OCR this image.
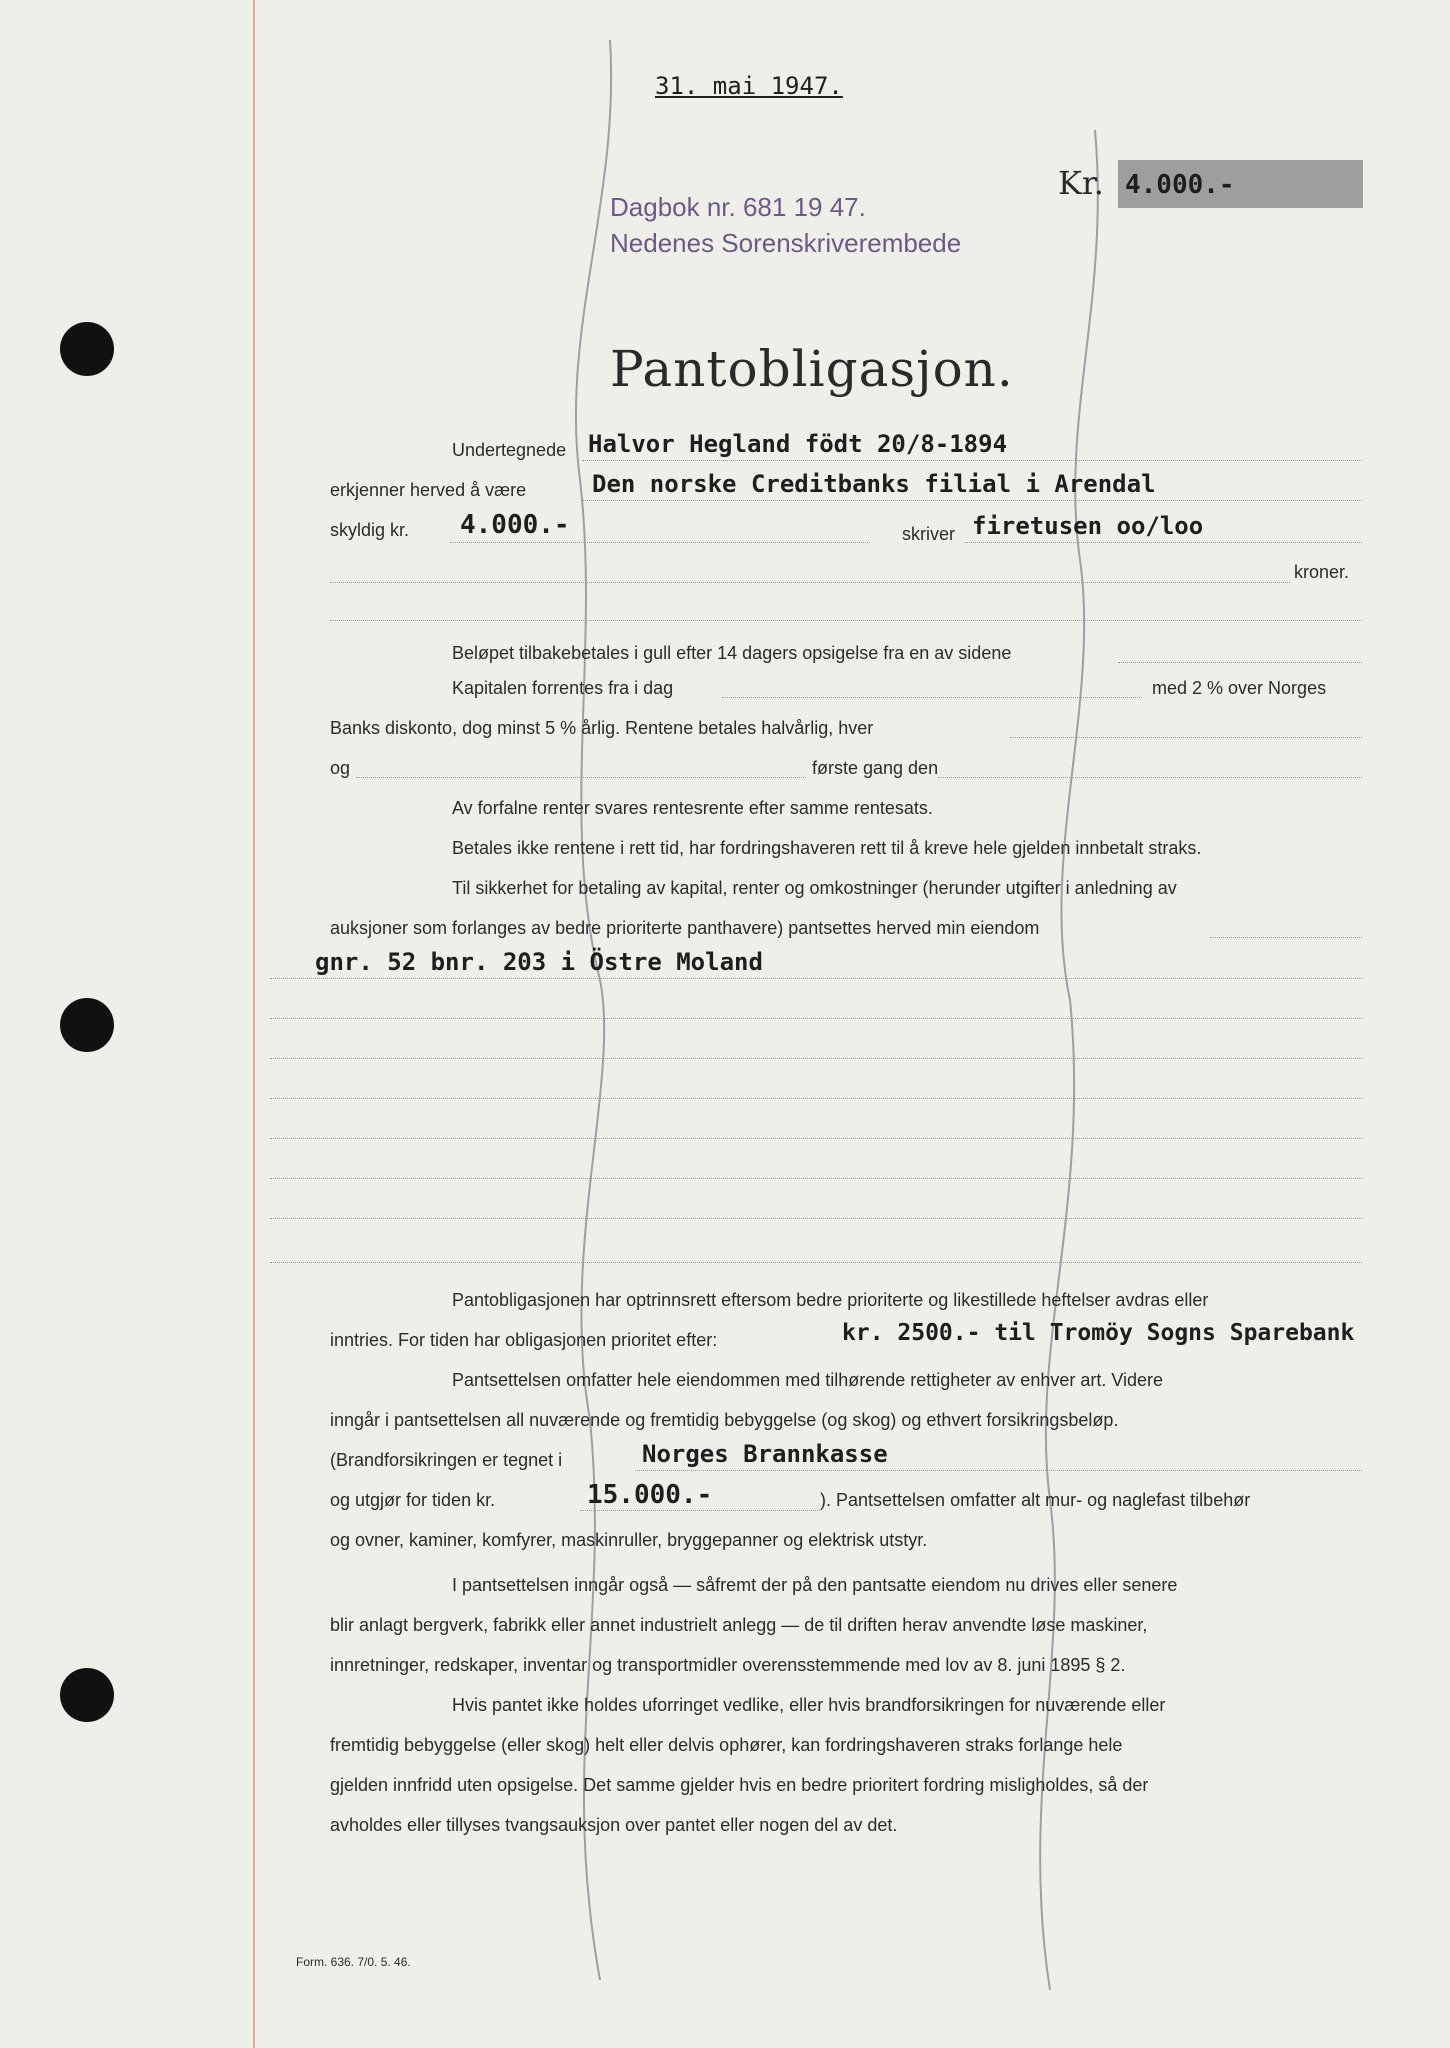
31. mai 1947.
Dagbok nr. 681 19 47.
Nedenes Sorenskriverembede
Kr. 4.000.-
Pantobligasjon.
Undertegnede Halvor Hegland födt 20/8-1894
erkjenner herved å være	Den norske Creditbanks filial i Arendal
skyldig kr. 4.000.-	skriver firetusen oo/loo
kroner.
Beløpet tilbakebetales i gull efter 14 dagers opsigelse fra en av sidene
Kapitalen forrentes fra i dag	med 2 % over Norges
Banks diskonto, dog minst 5 % årlig. Rentene betales halvårlig, hver
og	første gang den
Av forfalne renter svares rentesrente efter samme rentesats.
Betales ikke rentene i rett tid, har fordringshaveren rett til å kreve hele gjelden innbetalt straks.
Til sikkerhet for betaling av kapital, renter og omkostninger (herunder utgifter i anledning av
auksjoner som forlanges av bedre prioriterte panthavere) pantsettes herved min eiendom
gnr. 52 bnr. 203 i Östre Moland
Pantobligasjonen har optrinnsrett eftersom bedre prioriterte og likestillede heftelser avdras eller
inntries. For tiden har obligasjonen prioritet efter:	kr. 2500.- til Tromöy Sogns Sparebank
Pantsettelsen omfatter hele eiendommen med tilhørende rettigheter av enhver art. Videre
inngår i pantsettelsen all nuværende og fremtidig bebyggelse (og skog) og ethvert forsikringsbeløp.
(Brandforsikringen er tegnet i	Norges Brannkasse
og utgjør for tiden kr.	15.000.-	). Pantsettelsen omfatter alt mur- og naglefast tilbehør
og ovner, kaminer, komfyrer, maskinruller, bryggepanner og elektrisk utstyr.
I pantsettelsen inngår også — såfremt der på den pantsatte eiendom nu drives eller senere
blir anlagt bergverk, fabrikk eller annet industrielt anlegg — de til driften herav anvendte løse maskiner,
innretninger, redskaper, inventar og transportmidler overensstemmende med lov av 8. juni 1895 § 2.
Hvis pantet ikke holdes uforringet vedlike, eller hvis brandforsikringen for nuværende eller
fremtidig bebyggelse (eller skog) helt eller delvis ophører, kan fordringshaveren straks forlange hele
gjelden innfridd uten opsigelse. Det samme gjelder hvis en bedre prioritert fordring misligholdes, så der
avholdes eller tillyses tvangsauksjon over pantet eller nogen del av det.
Form. 636. 7/0. 5. 46.
